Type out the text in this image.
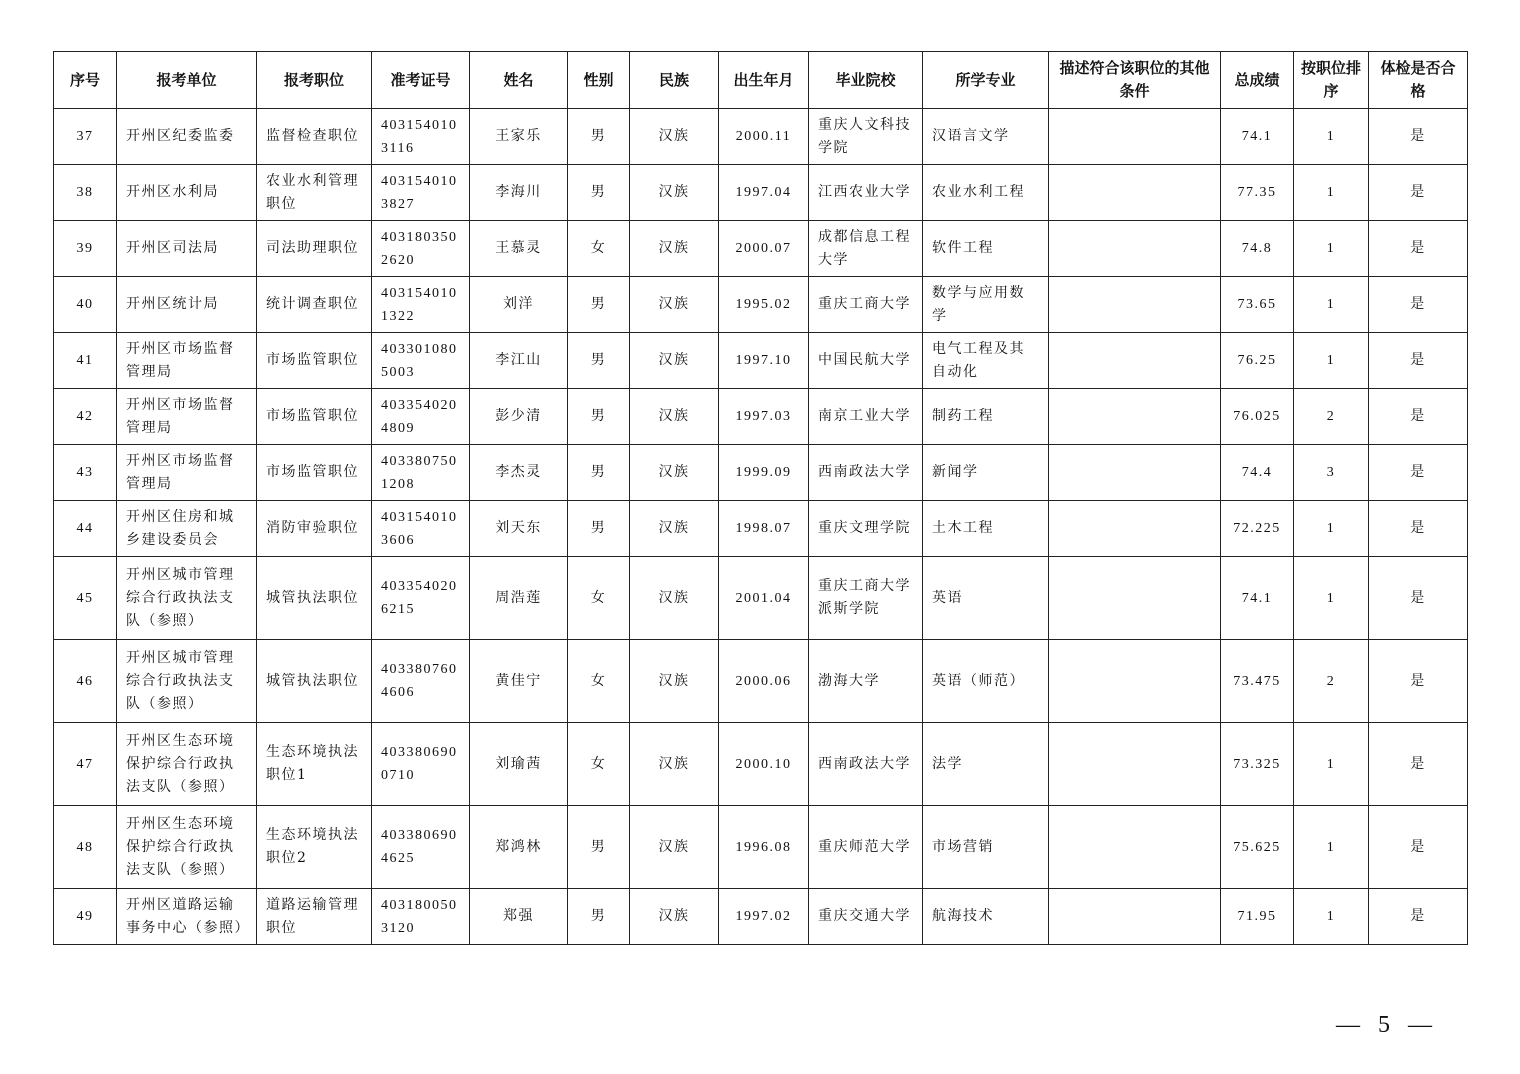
序号	报考单位	报考职位	准考证号	姓名	性别	民族	出生年月	毕业院校	所学专业	描述符合该职位的其他条件	总成绩	按职位排序	体检是否合格
37	开州区纪委监委	监督检查职位	4031540103116	王家乐	男	汉族	2000.11	重庆人文科技学院	汉语言文学		74.1	1	是
38	开州区水利局	农业水利管理职位	4031540103827	李海川	男	汉族	1997.04	江西农业大学	农业水利工程		77.35	1	是
39	开州区司法局	司法助理职位	4031803502620	王慕灵	女	汉族	2000.07	成都信息工程大学	软件工程		74.8	1	是
40	开州区统计局	统计调查职位	4031540101322	刘洋	男	汉族	1995.02	重庆工商大学	数学与应用数学		73.65	1	是
41	开州区市场监督管理局	市场监管职位	4033010805003	李江山	男	汉族	1997.10	中国民航大学	电气工程及其自动化		76.25	1	是
42	开州区市场监督管理局	市场监管职位	4033540204809	彭少清	男	汉族	1997.03	南京工业大学	制药工程		76.025	2	是
43	开州区市场监督管理局	市场监管职位	4033807501208	李杰灵	男	汉族	1999.09	西南政法大学	新闻学		74.4	3	是
44	开州区住房和城乡建设委员会	消防审验职位	4031540103606	刘天东	男	汉族	1998.07	重庆文理学院	土木工程		72.225	1	是
45	开州区城市管理综合行政执法支队（参照）	城管执法职位	4033540206215	周浩莲	女	汉族	2001.04	重庆工商大学派斯学院	英语		74.1	1	是
46	开州区城市管理综合行政执法支队（参照）	城管执法职位	4033807604606	黄佳宁	女	汉族	2000.06	渤海大学	英语（师范）		73.475	2	是
47	开州区生态环境保护综合行政执法支队（参照）	生态环境执法职位1	4033806900710	刘瑜茜	女	汉族	2000.10	西南政法大学	法学		73.325	1	是
48	开州区生态环境保护综合行政执法支队（参照）	生态环境执法职位2	4033806904625	郑鸿林	男	汉族	1996.08	重庆师范大学	市场营销		75.625	1	是
49	开州区道路运输事务中心（参照）	道路运输管理职位	4031800503120	郑强	男	汉族	1997.02	重庆交通大学	航海技术		71.95	1	是
— 5 —
